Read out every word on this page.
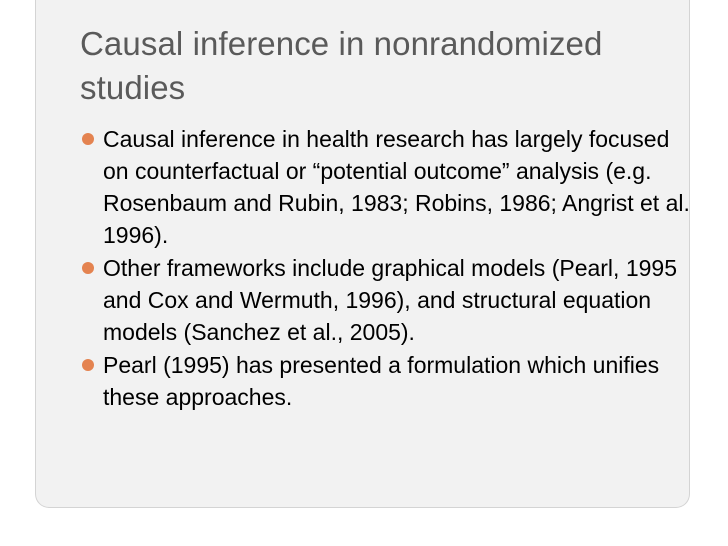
Causal inference in nonrandomized studies
Causal inference in health research has largely focused on counterfactual or “potential outcome” analysis (e.g. Rosenbaum and Rubin, 1983; Robins, 1986; Angrist et al. 1996).
Other frameworks include graphical models (Pearl, 1995 and Cox and Wermuth, 1996), and structural equation models (Sanchez et al., 2005).
Pearl (1995) has presented a formulation which unifies these approaches.
